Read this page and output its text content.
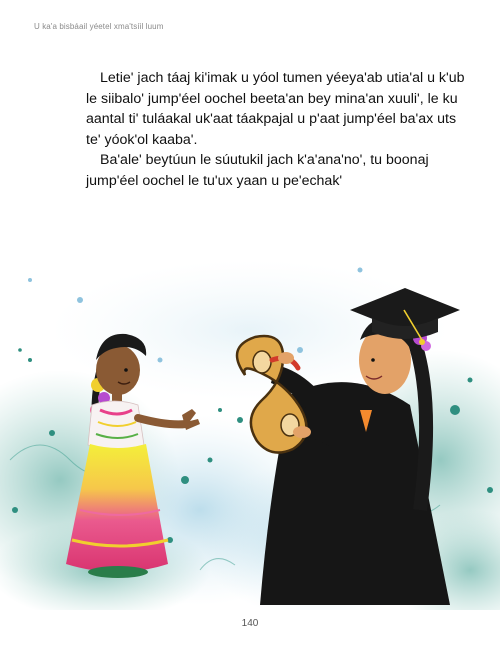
U ka'a bisbáail yéetel xma'tsíil luum

Letie' jach táaj ki'imak u yóol tumen yéeya'ab utia'al u k'ub le siibalo' jump'éel oochel beeta'an bey mina'an xuuli', le ku aantal ti' tuláakal uk'aat táakpajal u p'aat jump'éel ba'ax uts te' yóok'ol kaaba'.

Ba'ale' beytúun le súutukil jach k'a'ana'no', tu boonaj jump'éel oochel le tu'ux yaan u pe'echak'

140
